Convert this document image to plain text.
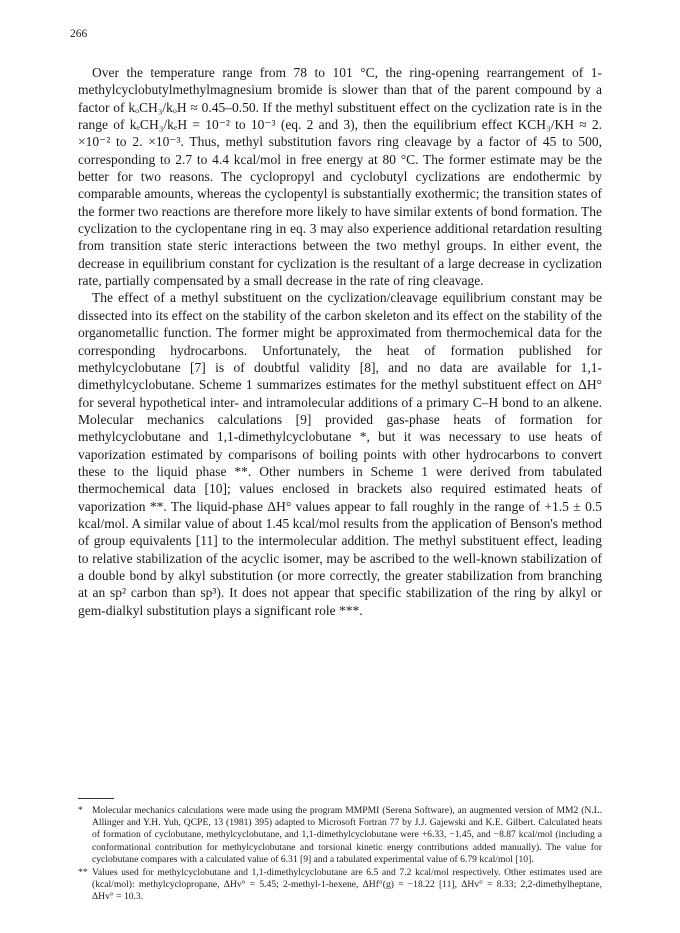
266

Over the temperature range from 78 to 101 °C, the ring-opening rearrangement of 1-methylcyclobutylmethylmagnesium bromide is slower than that of the parent compound by a factor of kₒCH₃/kₒH ≈ 0.45–0.50. If the methyl substituent effect on the cyclization rate is in the range of kₑCH₃/kₑH = 10⁻² to 10⁻³ (eq. 2 and 3), then the equilibrium effect KCH₃/KH ≈ 2. ×10⁻² to 2. ×10⁻³. Thus, methyl substitution favors ring cleavage by a factor of 45 to 500, corresponding to 2.7 to 4.4 kcal/mol in free energy at 80 °C. The former estimate may be the better for two reasons. The cyclopropyl and cyclobutyl cyclizations are endothermic by comparable amounts, whereas the cyclopentyl is substantially exothermic; the transition states of the former two reactions are therefore more likely to have similar extents of bond formation. The cyclization to the cyclopentane ring in eq. 3 may also experience additional retardation resulting from transition state steric interactions between the two methyl groups. In either event, the decrease in equilibrium constant for cyclization is the resultant of a large decrease in cyclization rate, partially compensated by a small decrease in the rate of ring cleavage.

The effect of a methyl substituent on the cyclization/cleavage equilibrium constant may be dissected into its effect on the stability of the carbon skeleton and its effect on the stability of the organometallic function. The former might be approximated from thermochemical data for the corresponding hydrocarbons. Unfortunately, the heat of formation published for methylcyclobutane [7] is of doubtful validity [8], and no data are available for 1,1-dimethylcyclobutane. Scheme 1 summarizes estimates for the methyl substituent effect on ΔH° for several hypothetical inter- and intramolecular additions of a primary C–H bond to an alkene. Molecular mechanics calculations [9] provided gas-phase heats of formation for methylcyclobutane and 1,1-dimethylcyclobutane *, but it was necessary to use heats of vaporization estimated by comparisons of boiling points with other hydrocarbons to convert these to the liquid phase **. Other numbers in Scheme 1 were derived from tabulated thermochemical data [10]; values enclosed in brackets also required estimated heats of vaporization **. The liquid-phase ΔH° values appear to fall roughly in the range of +1.5 ± 0.5 kcal/mol. A similar value of about 1.45 kcal/mol results from the application of Benson's method of group equivalents [11] to the intermolecular addition. The methyl substituent effect, leading to relative stabilization of the acyclic isomer, may be ascribed to the well-known stabilization of a double bond by alkyl substitution (or more correctly, the greater stabilization from branching at an sp² carbon than sp³). It does not appear that specific stabilization of the ring by alkyl or gem-dialkyl substitution plays a significant role ***.

* Molecular mechanics calculations were made using the program MMPMI (Serena Software), an augmented version of MM2 (N.L. Allinger and Y.H. Yuh, QCPE, 13 (1981) 395) adapted to Microsoft Fortran 77 by J.J. Gajewski and K.E. Gilbert. Calculated heats of formation of cyclobutane, methylcyclobutane, and 1,1-dimethylcyclobutane were +6.33, −1.45, and −8.87 kcal/mol (including a conformational contribution for methylcyclobutane and torsional kinetic energy contributions added manually). The value for cyclobutane compares with a calculated value of 6.31 [9] and a tabulated experimental value of 6.79 kcal/mol [10].

** Values used for methylcyclobutane and 1,1-dimethylcyclobutane are 6.5 and 7.2 kcal/mol respectively. Other estimates used are (kcal/mol): methylcyclopropane, ΔHv° = 5.45; 2-methyl-1-hexene, ΔHf°(g) = −18.22 [11], ΔHv° = 8.33; 2,2-dimethylheptane, ΔHv° = 10.3.
